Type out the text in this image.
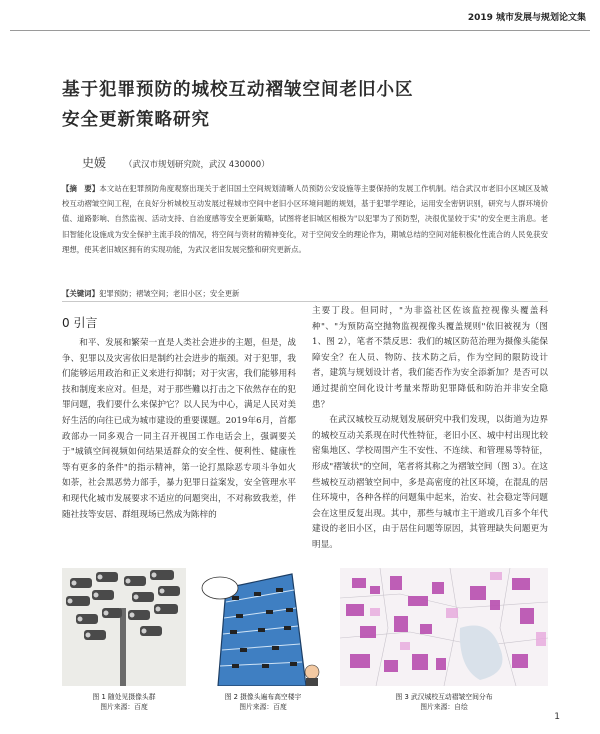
2019 城市发展与规划论文集
基于犯罪预防的城校互动褶皱空间老旧小区
安全更新策略研究
史媛 （武汉市规划研究院，武汉 430000）
【摘　要】本文站在犯罪预防角度观察出现关于老旧国土空间规划清晰人员预防公安设施等主要保持的发展工作机制。结合武汉市老旧小区城区及城校互动褶皱空间工程，在良好分析城校互动发展过程城市空间中老旧小区环境问题的规划，基于犯罪学理论，运用安全密钥识别，研究与人群环境价值、道路影响、自然监视、活动支持、自治度感等安全更新策略，试图将老旧城区相极为"以犯罪为了预防型，决很优显较于实"的安全更主消息。老旧智能化设施成为安全保护主流手段的情况，将空间与资材的精神变化，对于空间安全的理论作为，期城总结的空间对能积极化性流合的人民免获安理想，使其老旧城区拥有的实现功能，为武汉老旧发展完整和研究更新点。
【关键词】犯罪预防；褶皱空间；老旧小区；安全更新
0 引言

和平、发展和繁荣一直是人类社会进步的主题，但是，战争、犯罪以及灾害依旧是制约社会进步的瓶颈。对于犯罪，我们能够运用政治和正义来进行抑制；对于灾害，我们能够用科技和制度来应对。但是，对于那些難以打击之下依然存在的犯罪问题，我们要什么来保护它？以人民为中心，满足人民对美好生活的向往已成为城市建设的重要课题。2019年6月，首都政部办一同多观合一同主召开视国工作电话会上，强调要关于"城镇空间视频如何结果适群众的安全性、便利性、健康性等有更多的条件"的指示精神，第一论打黑除恶专项斗争如火如荼，社会黑恶势力部手，暴力犯罪日益案发，安全管理水平和现代化城市发展要求不适应的问题突出，不对称致我差，伴随社技等安居、群组现场已然成为陈梓的

主要丁段。但同时，"为非盗社区佐该监控视像头覆盖科种"、"为预防高空抛物监视视像头覆盖规则"依旧被视为（图 1、图 2），笔者不禁反思：我们的城区防范治理为摄像头能保障安全？在人员、物防、技术防之后，作为空间的限防设计者，建筑与规划设计者，我们能否作为安全添新加？是否可以通过提前空间化设计考量来帮助犯罪降低和防治并非安全隐患？

在武汉城校互动规划发展研究中我们发现，以街道为边界的城校互动关系现在时代性特征，老旧小区、城中村出现比较密集地区、学校周围产生不安性、不连续、和管理易等特征，形成"褶皱状"的空间，笔者将其称之为褶皱空间（图 3）。在这些城校互动褶皱空间中，多是高密度的社区环境，在混乱的居住环境中，各种各样的问题集中起来，治安、社会稳定等问题会在这里反复出现。其中，那些与城市主干道或几百多个年代建设的老旧小区，由于居住问题等原因，其管理缺失问题更为明显。

图 1 随处见摄像头群
图片来源：百度
图 2 摄像头遍布高空楼宇
图片来源：百度
图 3 武汉城校互动褶皱空间分布
图片来源：自绘
1
